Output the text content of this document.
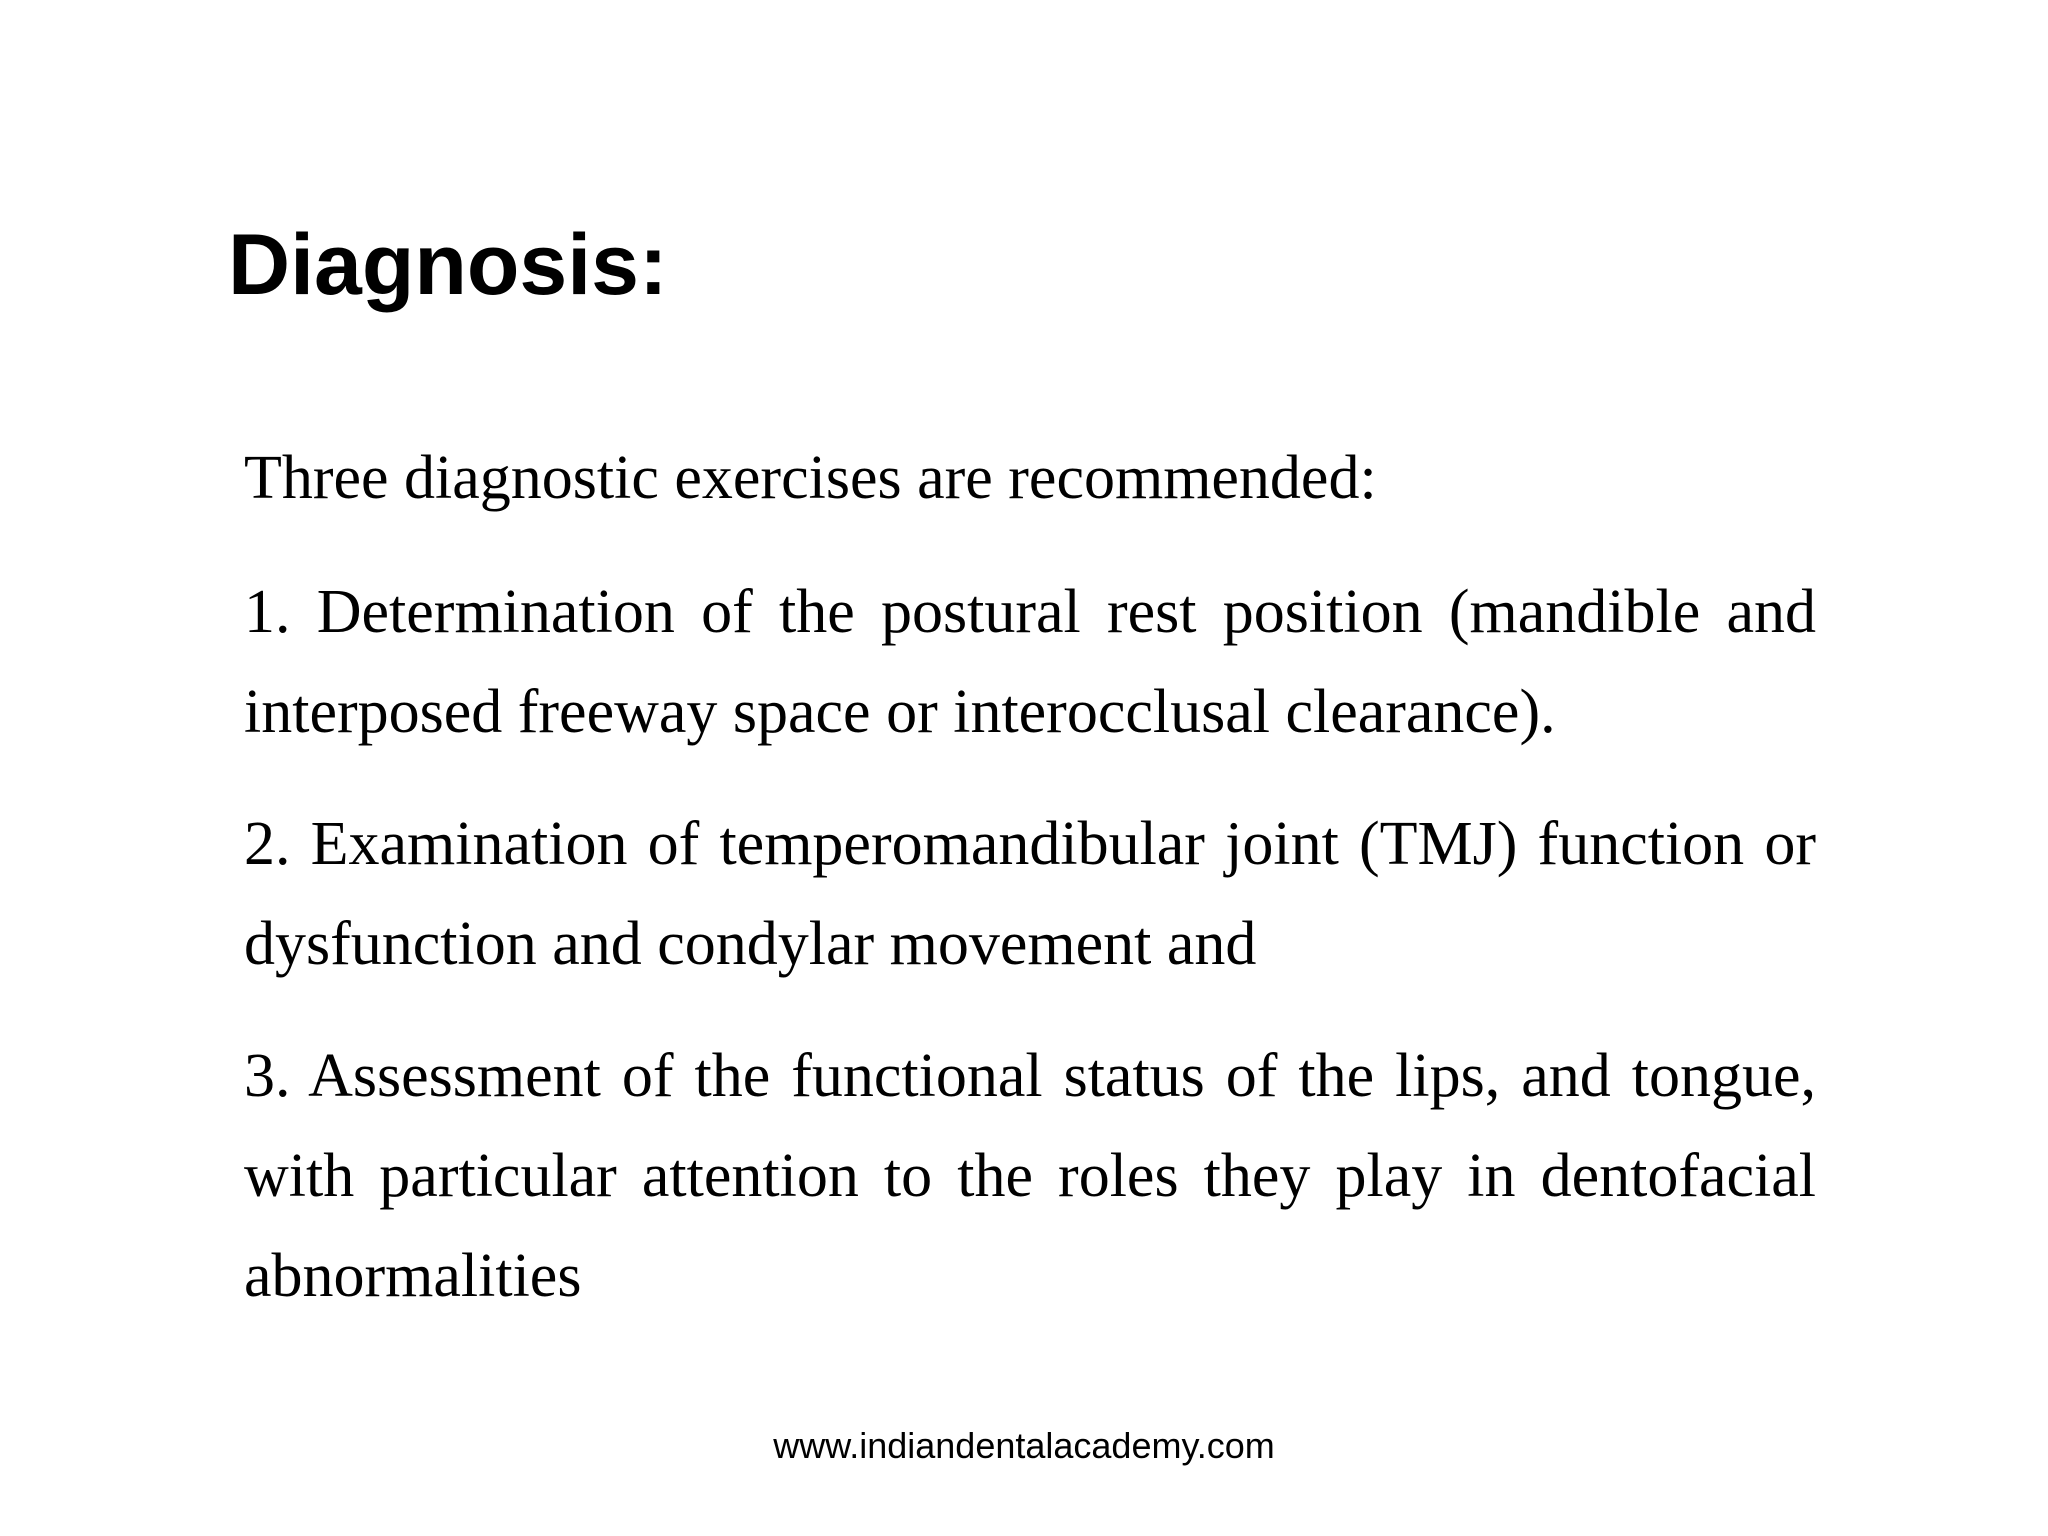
Diagnosis:

Three diagnostic exercises are recommended:

1. Determination of the postural rest position (mandible and interposed freeway space or interocclusal clearance).

2. Examination of temperomandibular joint (TMJ) function or dysfunction and condylar movement and

3. Assessment of the functional status of the lips, and tongue, with particular attention to the roles they play in dentofacial abnormalities

www.indiandentalacademy.com
